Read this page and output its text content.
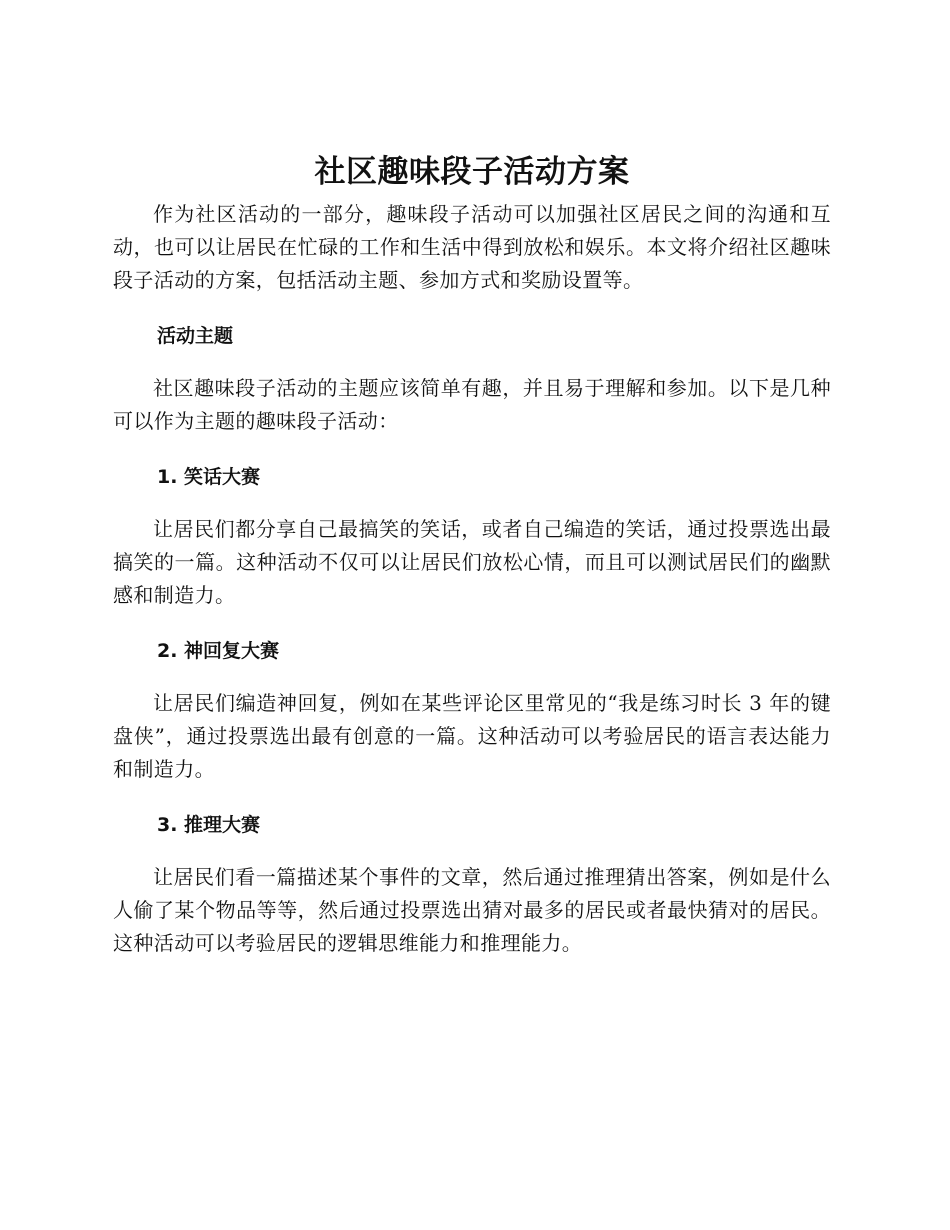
社区趣味段子活动方案

作为社区活动的一部分，趣味段子活动可以加强社区居民之间的沟通和互动，也可以让居民在忙碌的工作和生活中得到放松和娱乐。本文将介绍社区趣味段子活动的方案，包括活动主题、参加方式和奖励设置等。

活动主题

社区趣味段子活动的主题应该简单有趣，并且易于理解和参加。以下是几种可以作为主题的趣味段子活动：

1. 笑话大赛

让居民们都分享自己最搞笑的笑话，或者自己编造的笑话，通过投票选出最搞笑的一篇。这种活动不仅可以让居民们放松心情，而且可以测试居民们的幽默感和制造力。

2. 神回复大赛

让居民们编造神回复，例如在某些评论区里常见的“我是练习时长 3 年的键盘侠”，通过投票选出最有创意的一篇。这种活动可以考验居民的语言表达能力和制造力。

3. 推理大赛

让居民们看一篇描述某个事件的文章，然后通过推理猜出答案，例如是什么人偷了某个物品等等，然后通过投票选出猜对最多的居民或者最快猜对的居民。这种活动可以考验居民的逻辑思维能力和推理能力。
